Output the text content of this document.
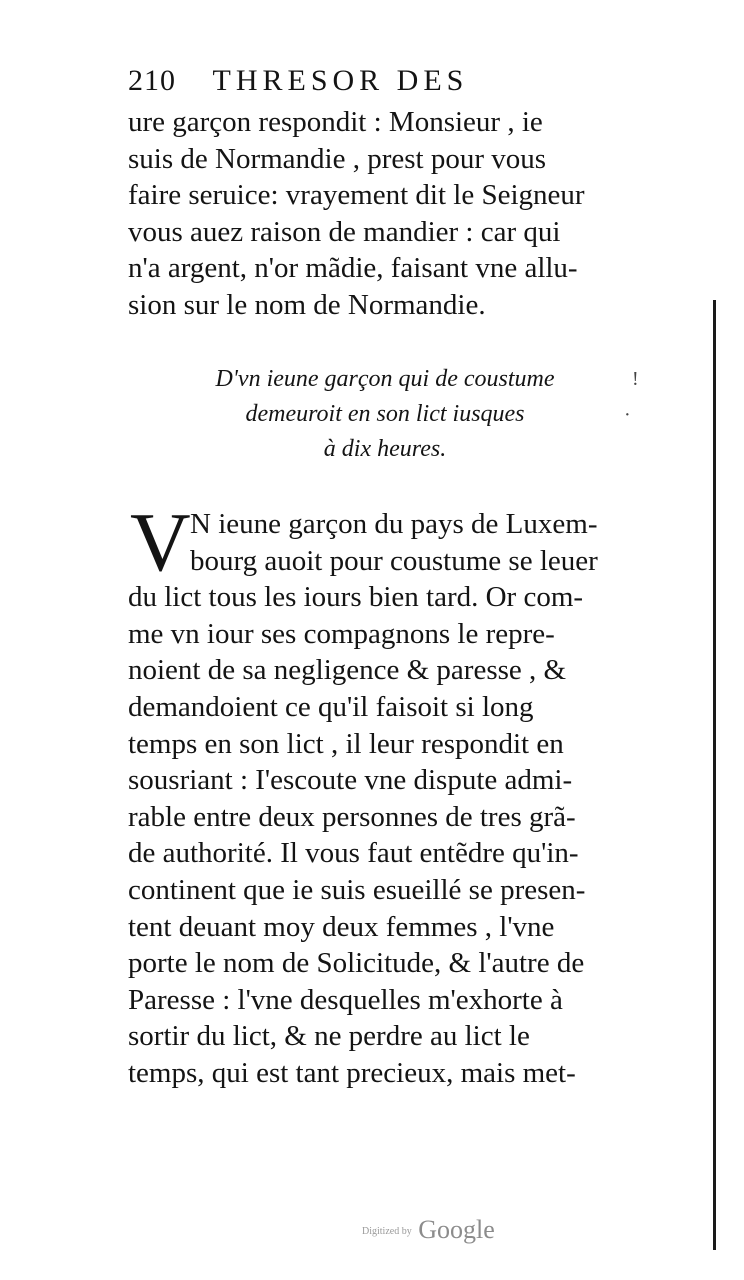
210 THRESOR DES
ure garçon respondit : Monsieur , ie
suis de Normandie , prest pour vous
faire seruice: vrayement dit le Seigneur
vous auez raison de mandier : car qui
n'a argent, n'or mãdie, faisant vne allu-
sion sur le nom de Normandie.
D'vn ieune garçon qui de coustume
demeuroit en son lict iusques
à dix heures.
V N ieune garçon du pays de Luxem-
bourg auoit pour coustume se leuer
du lict tous les iours bien tard. Or com-
me vn iour ses compagnons le repre-
noient de sa negligence & paresse , &
demandoient ce qu'il faisoit si long
temps en son lict , il leur respondit en
sousriant : I'escoute vne dispute admi-
rable entre deux personnes de tres grã-
de authorité. Il vous faut entẽdre qu'in-
continent que ie suis esueillé se presen-
tent deuant moy deux femmes , l'vne
porte le nom de Solicitude, & l'autre de
Paresse : l'vne desquelles m'exhorte à
sortir du lict, & ne perdre au lict le
temps, qui est tant precieux, mais met-
!
·
Digitized by Google
